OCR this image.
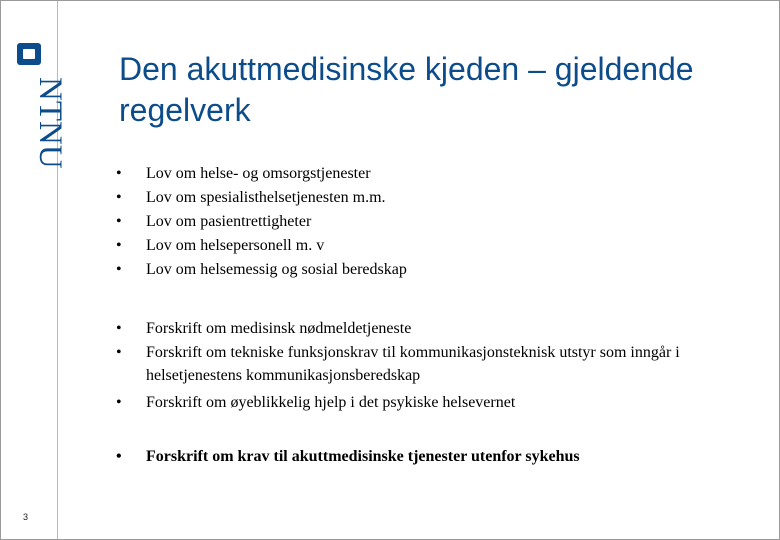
NTNU
3
Den akuttmedisinske kjeden – gjeldende regelverk
• Lov om helse- og omsorgstjenester
• Lov om spesialisthelsetjenesten m.m.
• Lov om pasientrettigheter
• Lov om helsepersonell m. v
• Lov om helsemessig og sosial beredskap
• Forskrift om medisinsk nødmeldetjeneste
• Forskrift om tekniske funksjonskrav til kommunikasjonsteknisk utstyr som inngår i helsetjenestens kommunikasjonsberedskap
• Forskrift om øyeblikkelig hjelp i det psykiske helsevernet
• Forskrift om krav til akuttmedisinske tjenester utenfor sykehus
